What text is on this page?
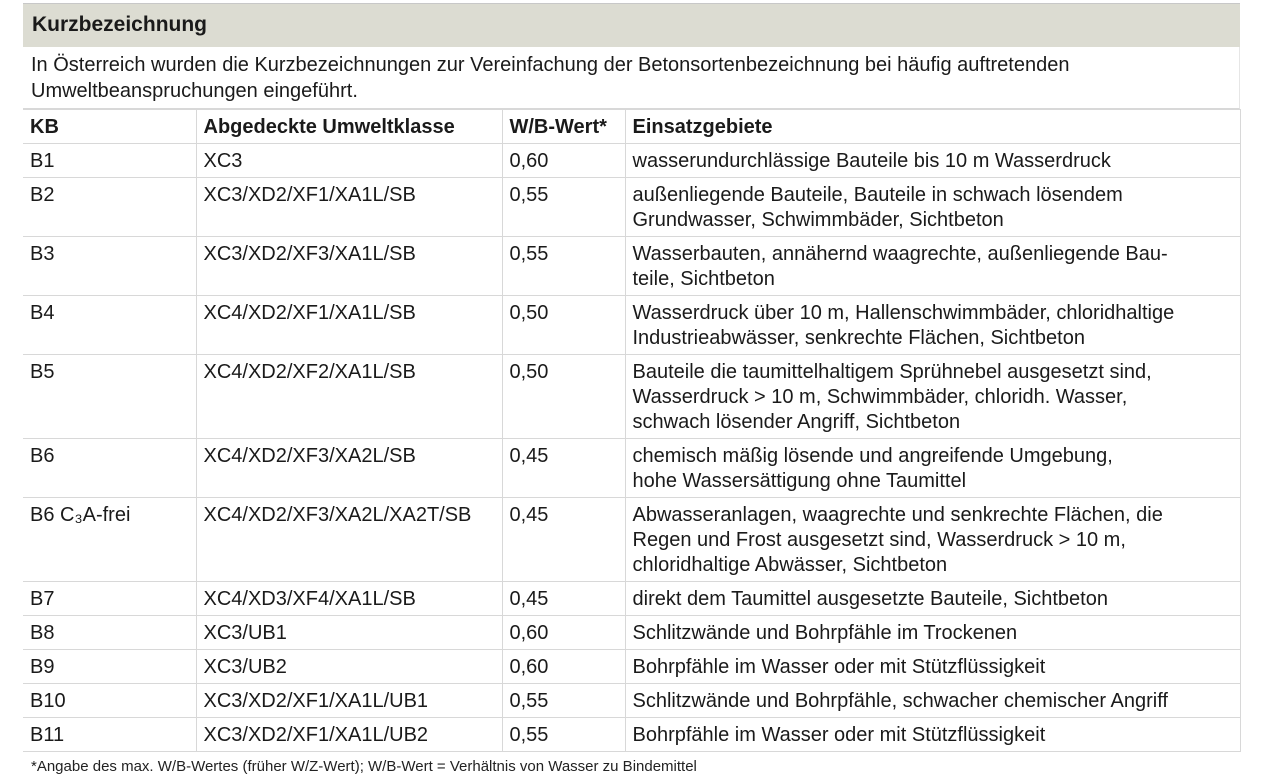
Kurzbezeichnung
In Österreich wurden die Kurzbezeichnungen zur Vereinfachung der Betonsortenbezeichnung bei häufig auftretenden Umweltbeanspruchungen eingeführt.
KB	Abgedeckte Umweltklasse	W/B-Wert*	Einsatzgebiete
B1	XC3	0,60	wasserundurchlässige Bauteile bis 10 m Wasserdruck
B2	XC3/XD2/XF1/XA1L/SB	0,55	außenliegende Bauteile, Bauteile in schwach lösendem
Grundwasser, Schwimmbäder, Sichtbeton
B3	XC3/XD2/XF3/XA1L/SB	0,55	Wasserbauten, annähernd waagrechte, außenliegende Bau-
teile, Sichtbeton
B4	XC4/XD2/XF1/XA1L/SB	0,50	Wasserdruck über 10 m, Hallenschwimmbäder, chloridhaltige
Industrieabwässer, senkrechte Flächen, Sichtbeton
B5	XC4/XD2/XF2/XA1L/SB	0,50	Bauteile die taumittelhaltigem Sprühnebel ausgesetzt sind,
Wasserdruck > 10 m, Schwimmbäder, chloridh. Wasser,
schwach lösender Angriff, Sichtbeton
B6	XC4/XD2/XF3/XA2L/SB	0,45	chemisch mäßig lösende und angreifende Umgebung,
hohe Wassersättigung ohne Taumittel
B6 C₃A-frei	XC4/XD2/XF3/XA2L/XA2T/SB	0,45	Abwasseranlagen, waagrechte und senkrechte Flächen, die
Regen und Frost ausgesetzt sind, Wasserdruck > 10 m,
chloridhaltige Abwässer, Sichtbeton
B7	XC4/XD3/XF4/XA1L/SB	0,45	direkt dem Taumittel ausgesetzte Bauteile, Sichtbeton
B8	XC3/UB1	0,60	Schlitzwände und Bohrpfähle im Trockenen
B9	XC3/UB2	0,60	Bohrpfähle im Wasser oder mit Stützflüssigkeit
B10	XC3/XD2/XF1/XA1L/UB1	0,55	Schlitzwände und Bohrpfähle, schwacher chemischer Angriff
B11	XC3/XD2/XF1/XA1L/UB2	0,55	Bohrpfähle im Wasser oder mit Stützflüssigkeit
*Angabe des max. W/B-Wertes (früher W/Z-Wert); W/B-Wert = Verhältnis von Wasser zu Bindemittel
